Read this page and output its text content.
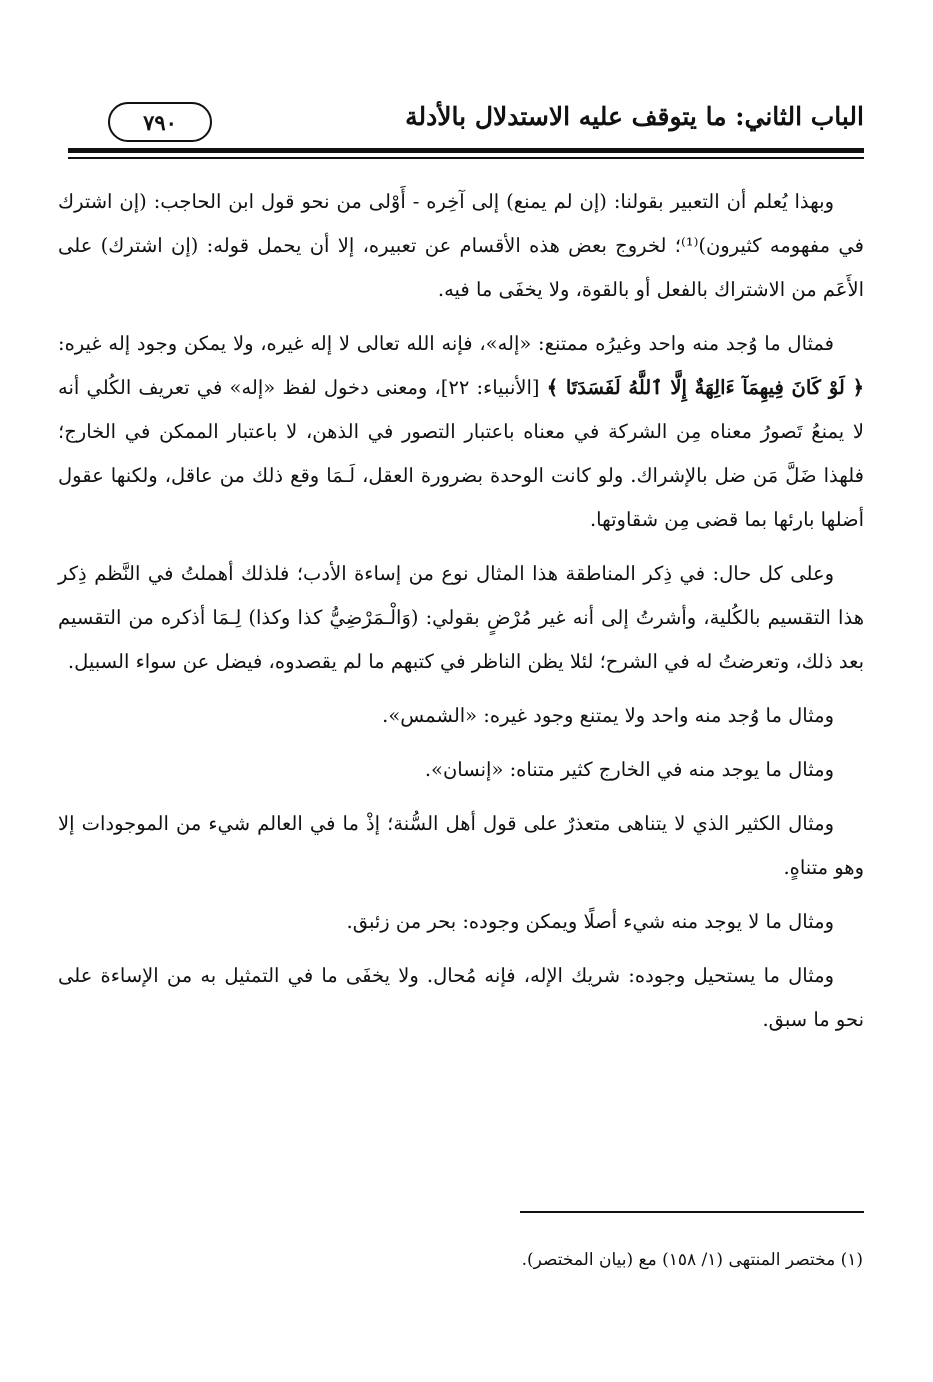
الباب الثاني: ما يتوقف عليه الاستدلال بالأدلة
٧٩٠

وبهذا يُعلم أن التعبير بقولنا: (إن لم يمنع) إلى آخِره - أَوْلى من نحو قول ابن الحاجب: (إن اشترك في مفهومه كثيرون)⁽¹⁾؛ لخروج بعض هذه الأقسام عن تعبيره، إلا أن يحمل قوله: (إن اشترك) على الأَعَم من الاشتراك بالفعل أو بالقوة، ولا يخفَى ما فيه.

فمثال ما وُجد منه واحد وغيرُه ممتنع: «إله»، فإنه الله تعالى لا إله غيره، ولا يمكن وجود إله غيره: ﴿ لَوْ كَانَ فِيهِمَآ ءَالِهَةٌ إِلَّا ٱللَّهُ لَفَسَدَتَا ﴾ [الأنبياء: ٢٢]، ومعنى دخول لفظ «إله» في تعريف الكُلي أنه لا يمنعُ تَصورُ معناه مِن الشركة في معناه باعتبار التصور في الذهن، لا باعتبار الممكن في الخارج؛ فلهذا ضَلَّ مَن ضل بالإشراك. ولو كانت الوحدة بضرورة العقل، لَـمَا وقع ذلك من عاقل، ولكنها عقول أضلها بارئها بما قضى مِن شقاوتها.

وعلى كل حال: في ذِكر المناطقة هذا المثال نوع من إساءة الأدب؛ فلذلك أهملتُ في النَّظم ذِكر هذا التقسيم بالكُلية، وأشرتُ إلى أنه غير مُرْضٍ بقولي: (وَالْـمَرْضِيُّ كذا وكذا) لِـمَا أذكره من التقسيم بعد ذلك، وتعرضتُ له في الشرح؛ لئلا يظن الناظر في كتبهم ما لم يقصدوه، فيضل عن سواء السبيل.

ومثال ما وُجد منه واحد ولا يمتنع وجود غيره: «الشمس».

ومثال ما يوجد منه في الخارج كثير متناه: «إنسان».

ومثال الكثير الذي لا يتناهى متعذرٌ على قول أهل السُّنة؛ إذْ ما في العالم شيء من الموجودات إلا وهو متناهٍ.

ومثال ما لا يوجد منه شيء أصلًا ويمكن وجوده: بحر من زئبق.

ومثال ما يستحيل وجوده: شريك الإله، فإنه مُحال. ولا يخفَى ما في التمثيل به من الإساءة على نحو ما سبق.

(١) مختصر المنتهى (١/ ١٥٨) مع (بيان المختصر).
